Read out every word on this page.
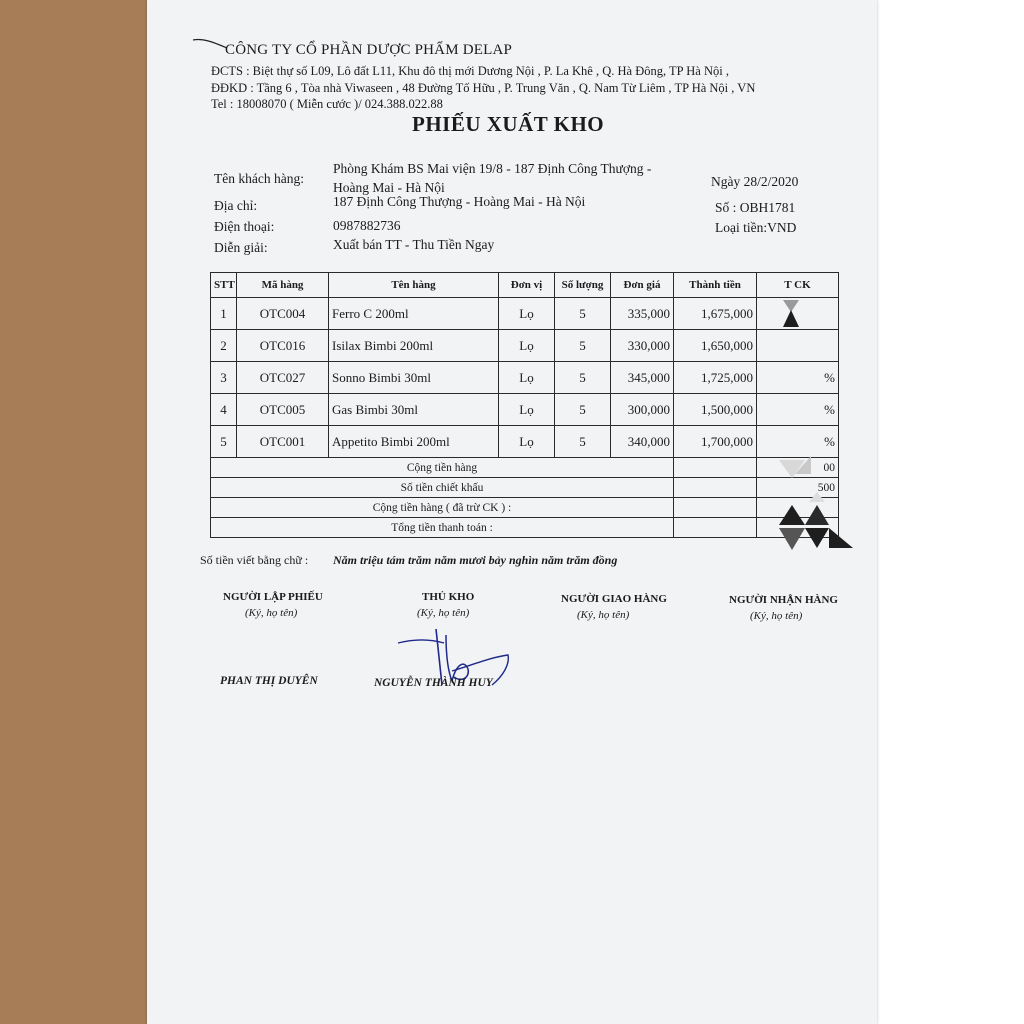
CÔNG TY CỔ PHẦN DƯỢC PHẨM DELAP
ĐCTS : Biệt thự số L09, Lô đất L11, Khu đô thị mới Dương Nội , P. La Khê , Q. Hà Đông, TP Hà Nội ,
ĐĐKD : Tầng 6 , Tòa nhà Viwaseen , 48 Đường Tố Hữu , P. Trung Văn , Q. Nam Từ Liêm , TP Hà Nội , VN
Tel : 18008070 ( Miễn cước )/ 024.388.022.88
PHIẾU XUẤT KHO
Tên khách hàng:
Phòng Khám BS Mai viện 19/8 - 187 Định Công Thượng -
Hoàng Mai - Hà Nội
Địa chỉ:	187 Định Công Thượng - Hoàng Mai - Hà Nội
Điện thoại:	0987882736
Diễn giải:	Xuất bán TT - Thu Tiền Ngay
Ngày 28/2/2020
Số : OBH1781
Loại tiền:VND
STT	Mã hàng	Tên hàng	Đơn vị	Số lượng	Đơn giá	Thành tiền	T CK
1	OTC004	Ferro C 200ml	Lọ	5	335,000	1,675,000	
2	OTC016	Isilax Bimbi 200ml	Lọ	5	330,000	1,650,000	
3	OTC027	Sonno Bimbi 30ml	Lọ	5	345,000	1,725,000	%
4	OTC005	Gas Bimbi 30ml	Lọ	5	300,000	1,500,000	%
5	OTC001	Appetito Bimbi 200ml	Lọ	5	340,000	1,700,000	%
Cộng tiền hàng							00
Số tiền chiết khấu							500
Cộng tiền hàng ( đã trừ CK ) :							
Tổng tiền thanh toán :							
Số tiền viết bằng chữ : Năm triệu tám trăm năm mươi bảy nghìn năm trăm đồng
NGƯỜI LẬP PHIẾU
(Ký, họ tên)
PHAN THỊ DUYÊN
THỦ KHO
(Ký, họ tên)
NGUYỄN THÀNH HUY
NGƯỜI GIAO HÀNG
(Ký, họ tên)
NGƯỜI NHẬN HÀNG
(Ký, họ tên)
